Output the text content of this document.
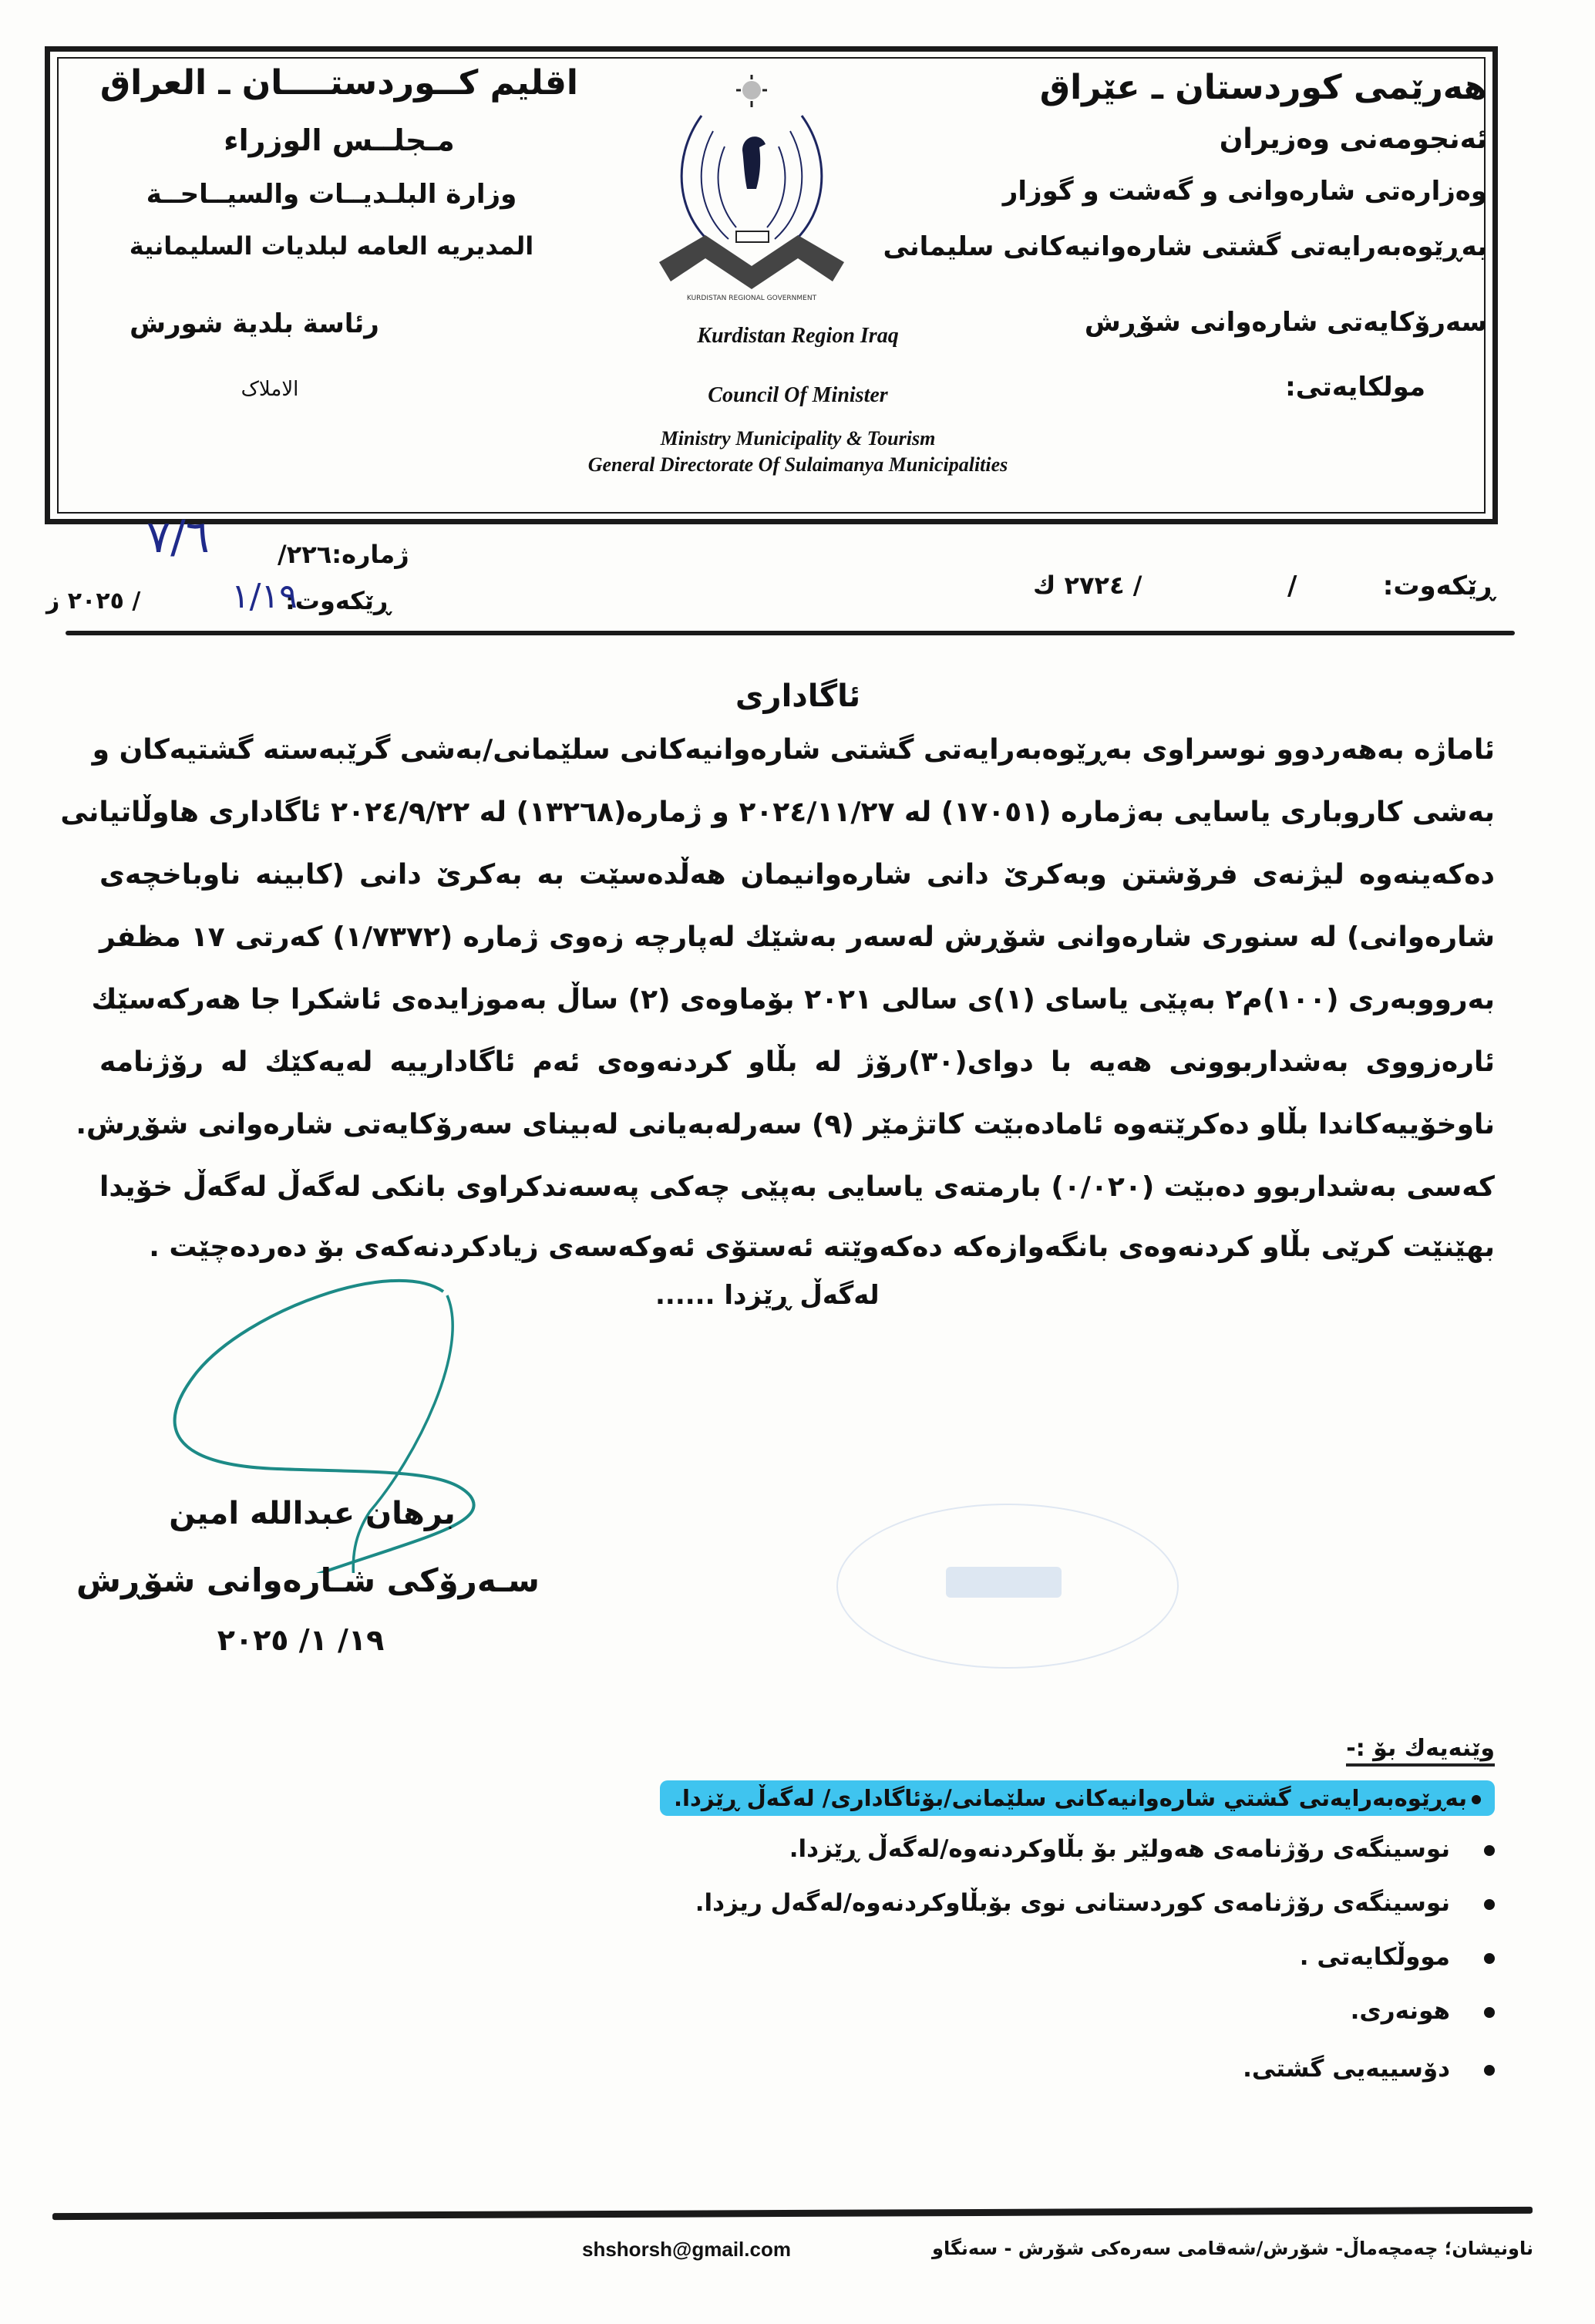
هەرێمی کوردستان ـ عێراق
ئەنجومەنی وەزیران
وەزارەتی شارەوانی و گەشت و گوزار
بەڕێوەبەرایەتی گشتی شارەوانیەکانی سلیمانی
سەرۆکایەتی شارەوانی شۆڕش
مولکایەتی:
اقليم كــوردستــــان ـ العراق
مـجلــس الوزراء
وزارة البلـديــات والسيــاحــة
المديريه العامه لبلديات السليمانية
رئاسة بلدية شورش
الاملاک
KURDISTAN REGIONAL GOVERNMENT
Kurdistan Region Iraq
Council Of Minister
Ministry Municipality & Tourism
General Directorate Of Sulaimanya Municipalities
ژمارە:٢٢٦/
٧/٦
ڕێکەوت:
١/١٩
/ ٢٠٢٥ ز	ڕێکەوت:
/
/ ٢٧٢٤ ك
ئاگاداری
ئاماژە بەهەردوو نوسراوی بەڕێوەبەرایەتی گشتی شارەوانیەکانی سلێمانی/بەشی گرێبەستە گشتیەکان و
بەشی کاروباری یاسایی بەژمارە (١٧٠٥١) لە ٢٠٢٤/١١/٢٧ و ژمارە(١٣٢٦٨) لە ٢٠٢٤/٩/٢٢ ئاگاداری هاوڵاتیانی
دەکەینەوە لیژنەی فرۆشتن وبەکرێ دانی شارەوانیمان هەڵدەسێت بە بەکرێ دانی (کابینە ناوباخچەی
شارەوانی) لە سنوری شارەوانی شۆڕش لەسەر بەشێك لەپارچە زەوی ژمارە (١/٧٣٧٢) کەرتی ١٧ مظفر
بەرووبەری (١٠٠)م٢ بەپێی یاسای (١)ی سالی ٢٠٢١ بۆماوەی (٢) ساڵ بەموزایدەی ئاشکرا جا هەرکەسێك
ئارەزووی بەشداربوونی هەیە با دوای(٣٠)رۆژ لە بڵاو کردنەوەی ئەم ئاگادارییە لەیەکێك لە رۆژنامە
ناوخۆییەکاندا بڵاو دەکرێتەوە ئامادەبێت کاتژمێر (٩) سەرلەبەیانی لەبینای سەرۆکایەتی شارەوانی شۆڕش.
کەسی بەشداربوو دەبێت (٠/٠٢٠) بارمتەی یاسایی بەپێی چەکی پەسەندکراوی بانکی لەگەڵ لەگەڵ خۆیدا
بهێنێت کرێی بڵاو کردنەوەی بانگەوازەکە دەکەوێتە ئەستۆی ئەوکەسەی زیادکردنەکەی بۆ دەردەچێت .
لەگەڵ ڕێزدا ......
برهان عبدالله امين
سـەرۆکی شـارەوانی شۆڕش
١٩/ ١/ ٢٠٢٥
وێنەیەك بۆ :-
بەڕێوەبەرایەتی گشتي شارەوانیەکانی سلێمانی/بۆئاگاداری/ لەگەڵ ڕێزدا.
نوسینگەی رۆژنامەی هەولێر بۆ بڵاوکردنەوە/لەگەڵ ڕێزدا.
نوسینگەی رۆژنامەی کوردستانی نوی بۆبڵاوکردنەوە/لەگەل ریزدا.
مووڵکایەتی .
هونەری.
دۆسییەیی گشتی.
shshorsh@gmail.com	ناونیشان؛ چەمچەماڵ- شۆرش/شەقامی سەرەکی شۆرش - سەنگاو
